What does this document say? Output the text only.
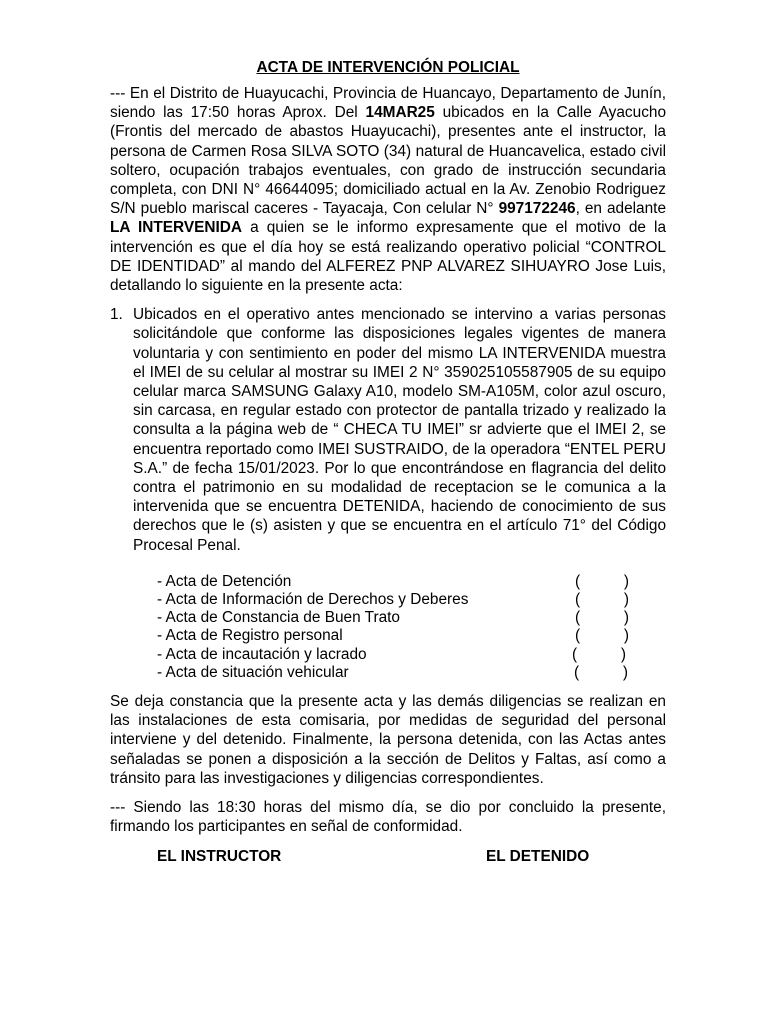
ACTA DE INTERVENCIÓN POLICIAL

--- En el Distrito de Huayucachi, Provincia de Huancayo, Departamento de Junín, siendo las 17:50 horas Aprox. Del 14MAR25 ubicados en la Calle Ayacucho (Frontis del mercado de abastos Huayucachi), presentes ante el instructor, la persona de Carmen Rosa SILVA SOTO (34) natural de Huancavelica, estado civil soltero, ocupación trabajos eventuales, con grado de instrucción secundaria completa, con DNI N° 46644095; domiciliado actual en la Av. Zenobio Rodriguez S/N pueblo mariscal caceres - Tayacaja, Con celular N° 997172246, en adelante LA INTERVENIDA a quien se le informo expresamente que el motivo de la intervención es que el día hoy se está realizando operativo policial “CONTROL DE IDENTIDAD” al mando del ALFEREZ PNP ALVAREZ SIHUAYRO Jose Luis, detallando lo siguiente en la presente acta:

1. Ubicados en el operativo antes mencionado se intervino a varias personas solicitándole que conforme las disposiciones legales vigentes de manera voluntaria y con sentimiento en poder del mismo LA INTERVENIDA muestra el IMEI de su celular al mostrar su IMEI 2 N° 359025105587905 de su equipo celular marca SAMSUNG Galaxy A10, modelo SM-A105M, color azul oscuro, sin carcasa, en regular estado con protector de pantalla trizado y realizado la consulta a la página web de “ CHECA TU IMEI” sr advierte que el IMEI 2, se encuentra reportado como IMEI SUSTRAIDO, de la operadora “ENTEL PERU S.A.” de fecha 15/01/2023. Por lo que encontrándose en flagrancia del delito contra el patrimonio en su modalidad de receptacion se le comunica a la intervenida que se encuentra DETENIDA, haciendo de conocimiento de sus derechos que le (s) asisten y que se encuentra en el artículo 71° del Código Procesal Penal.

- Acta de Detención	(	)
- Acta de Información de Derechos y Deberes	(	)
- Acta de Constancia de Buen Trato	(	)
- Acta de Registro personal	(	)
- Acta de incautación y lacrado	(	)
- Acta de situación vehicular	(	)

Se deja constancia que la presente acta y las demás diligencias se realizan en las instalaciones de esta comisaria, por medidas de seguridad del personal interviene y del detenido. Finalmente, la persona detenida, con las Actas antes señaladas se ponen a disposición a la sección de Delitos y Faltas, así como a tránsito para las investigaciones y diligencias correspondientes.

--- Siendo las 18:30 horas del mismo día, se dio por concluido la presente, firmando los participantes en señal de conformidad.

EL INSTRUCTOR	EL DETENIDO
